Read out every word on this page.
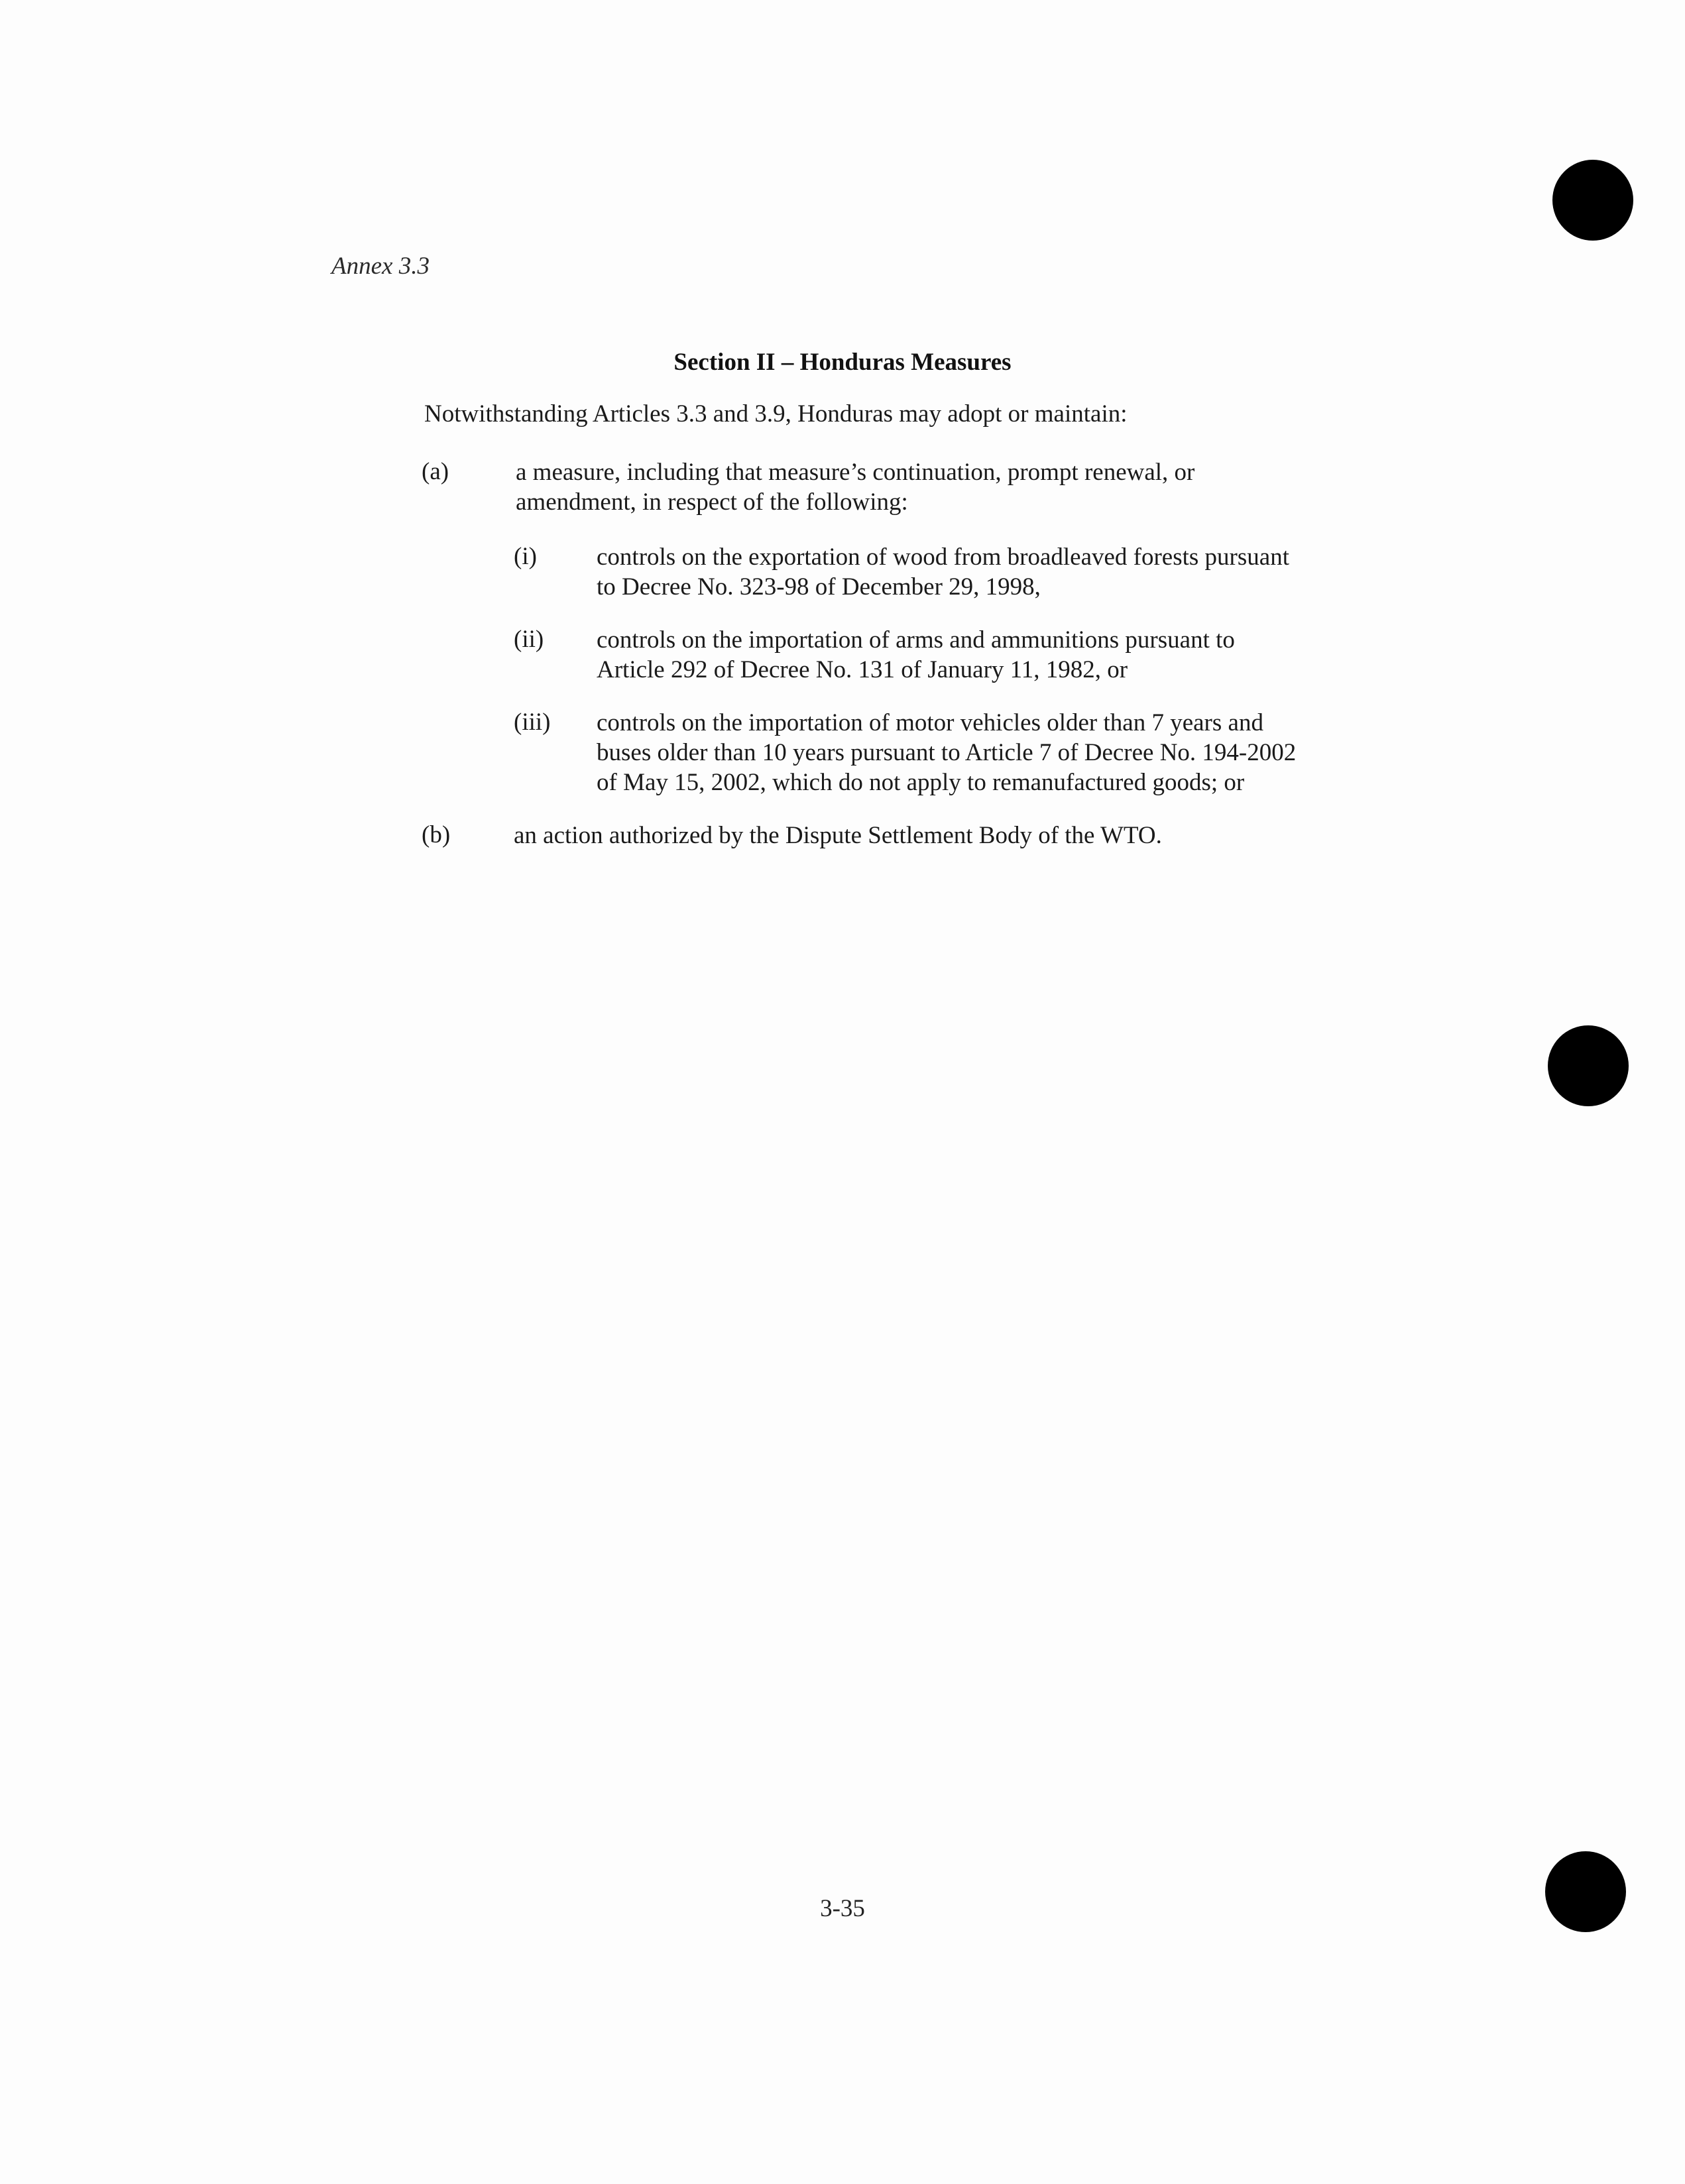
Annex 3.3
Section II – Honduras Measures
Notwithstanding Articles 3.3 and 3.9, Honduras may adopt or maintain:
(a)	a measure, including that measure’s continuation, prompt renewal, or
amendment, in respect of the following:
(i) controls on the exportation of wood from broadleaved forests pursuant
to Decree No. 323-98 of December 29, 1998,
(ii) controls on the importation of arms and ammunitions pursuant to
Article 292 of Decree No. 131 of January 11, 1982, or
(iii) controls on the importation of motor vehicles older than 7 years and
buses older than 10 years pursuant to Article 7 of Decree No. 194-2002
of May 15, 2002, which do not apply to remanufactured goods; or
(b)	an action authorized by the Dispute Settlement Body of the WTO.
3-35
